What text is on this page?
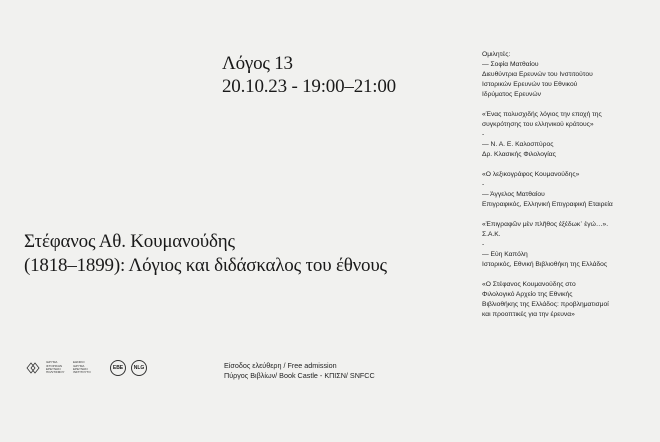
Λόγος 13
20.10.23 - 19:00–21:00
Στέφανος Αθ. Κουμανούδης
(1818–1899): Λόγιος και διδάσκαλος του έθνους
ΙΔΡΥΜΑ
ΙΣΤΟΡΙΚΩΝ
ΕΡΕΥΝΩΝ
ΠΟΛΙΤΙΣΜΟΥ
ΕΘΝΙΚΟ
ΙΔΡΥΜΑ
ΕΡΕΥΝΩΝ
ΙΝΣΤΙΤΟΥΤΟ
ΕΒΕ	NLG	Είσοδος ελεύθερη / Free admission
Πύργος Βιβλίων/ Book Castle - ΚΠΙΣΝ/ SNFCC
Ομιλητές:
— Σοφία Ματθαίου
Διευθύντρια Ερευνών του Ινστιτούτου
Ιστορικών Ερευνών του Εθνικού
Ιδρύματος Ερευνών
«Ένας πολυσχιδής λόγιος την εποχή της
συγκρότησης του ελληνικού κράτους»
-
— Ν. Α. Ε. Καλοσπύρος
Δρ. Κλασικής Φιλολογίας
«Ο λεξικογράφος Κουμανούδης»
-
— Άγγελος Ματθαίου
Επιγραφικός, Ελληνική Επιγραφική Εταιρεία
«Ἐπιγραφῶν μὲν πλῆθος ἐξέδωκ᾽ ἐγώ…».
Σ.Α.Κ.
-
— Εύη Καπόλη
Ιστορικός, Εθνική Βιβλιοθήκη της Ελλάδος
«Ο Στέφανος Κουμανούδης στο
Φιλολογικό Αρχείο της Εθνικής
Βιβλιοθήκης της Ελλάδος: προβληματισμοί
και προοπτικές για την έρευνα»
